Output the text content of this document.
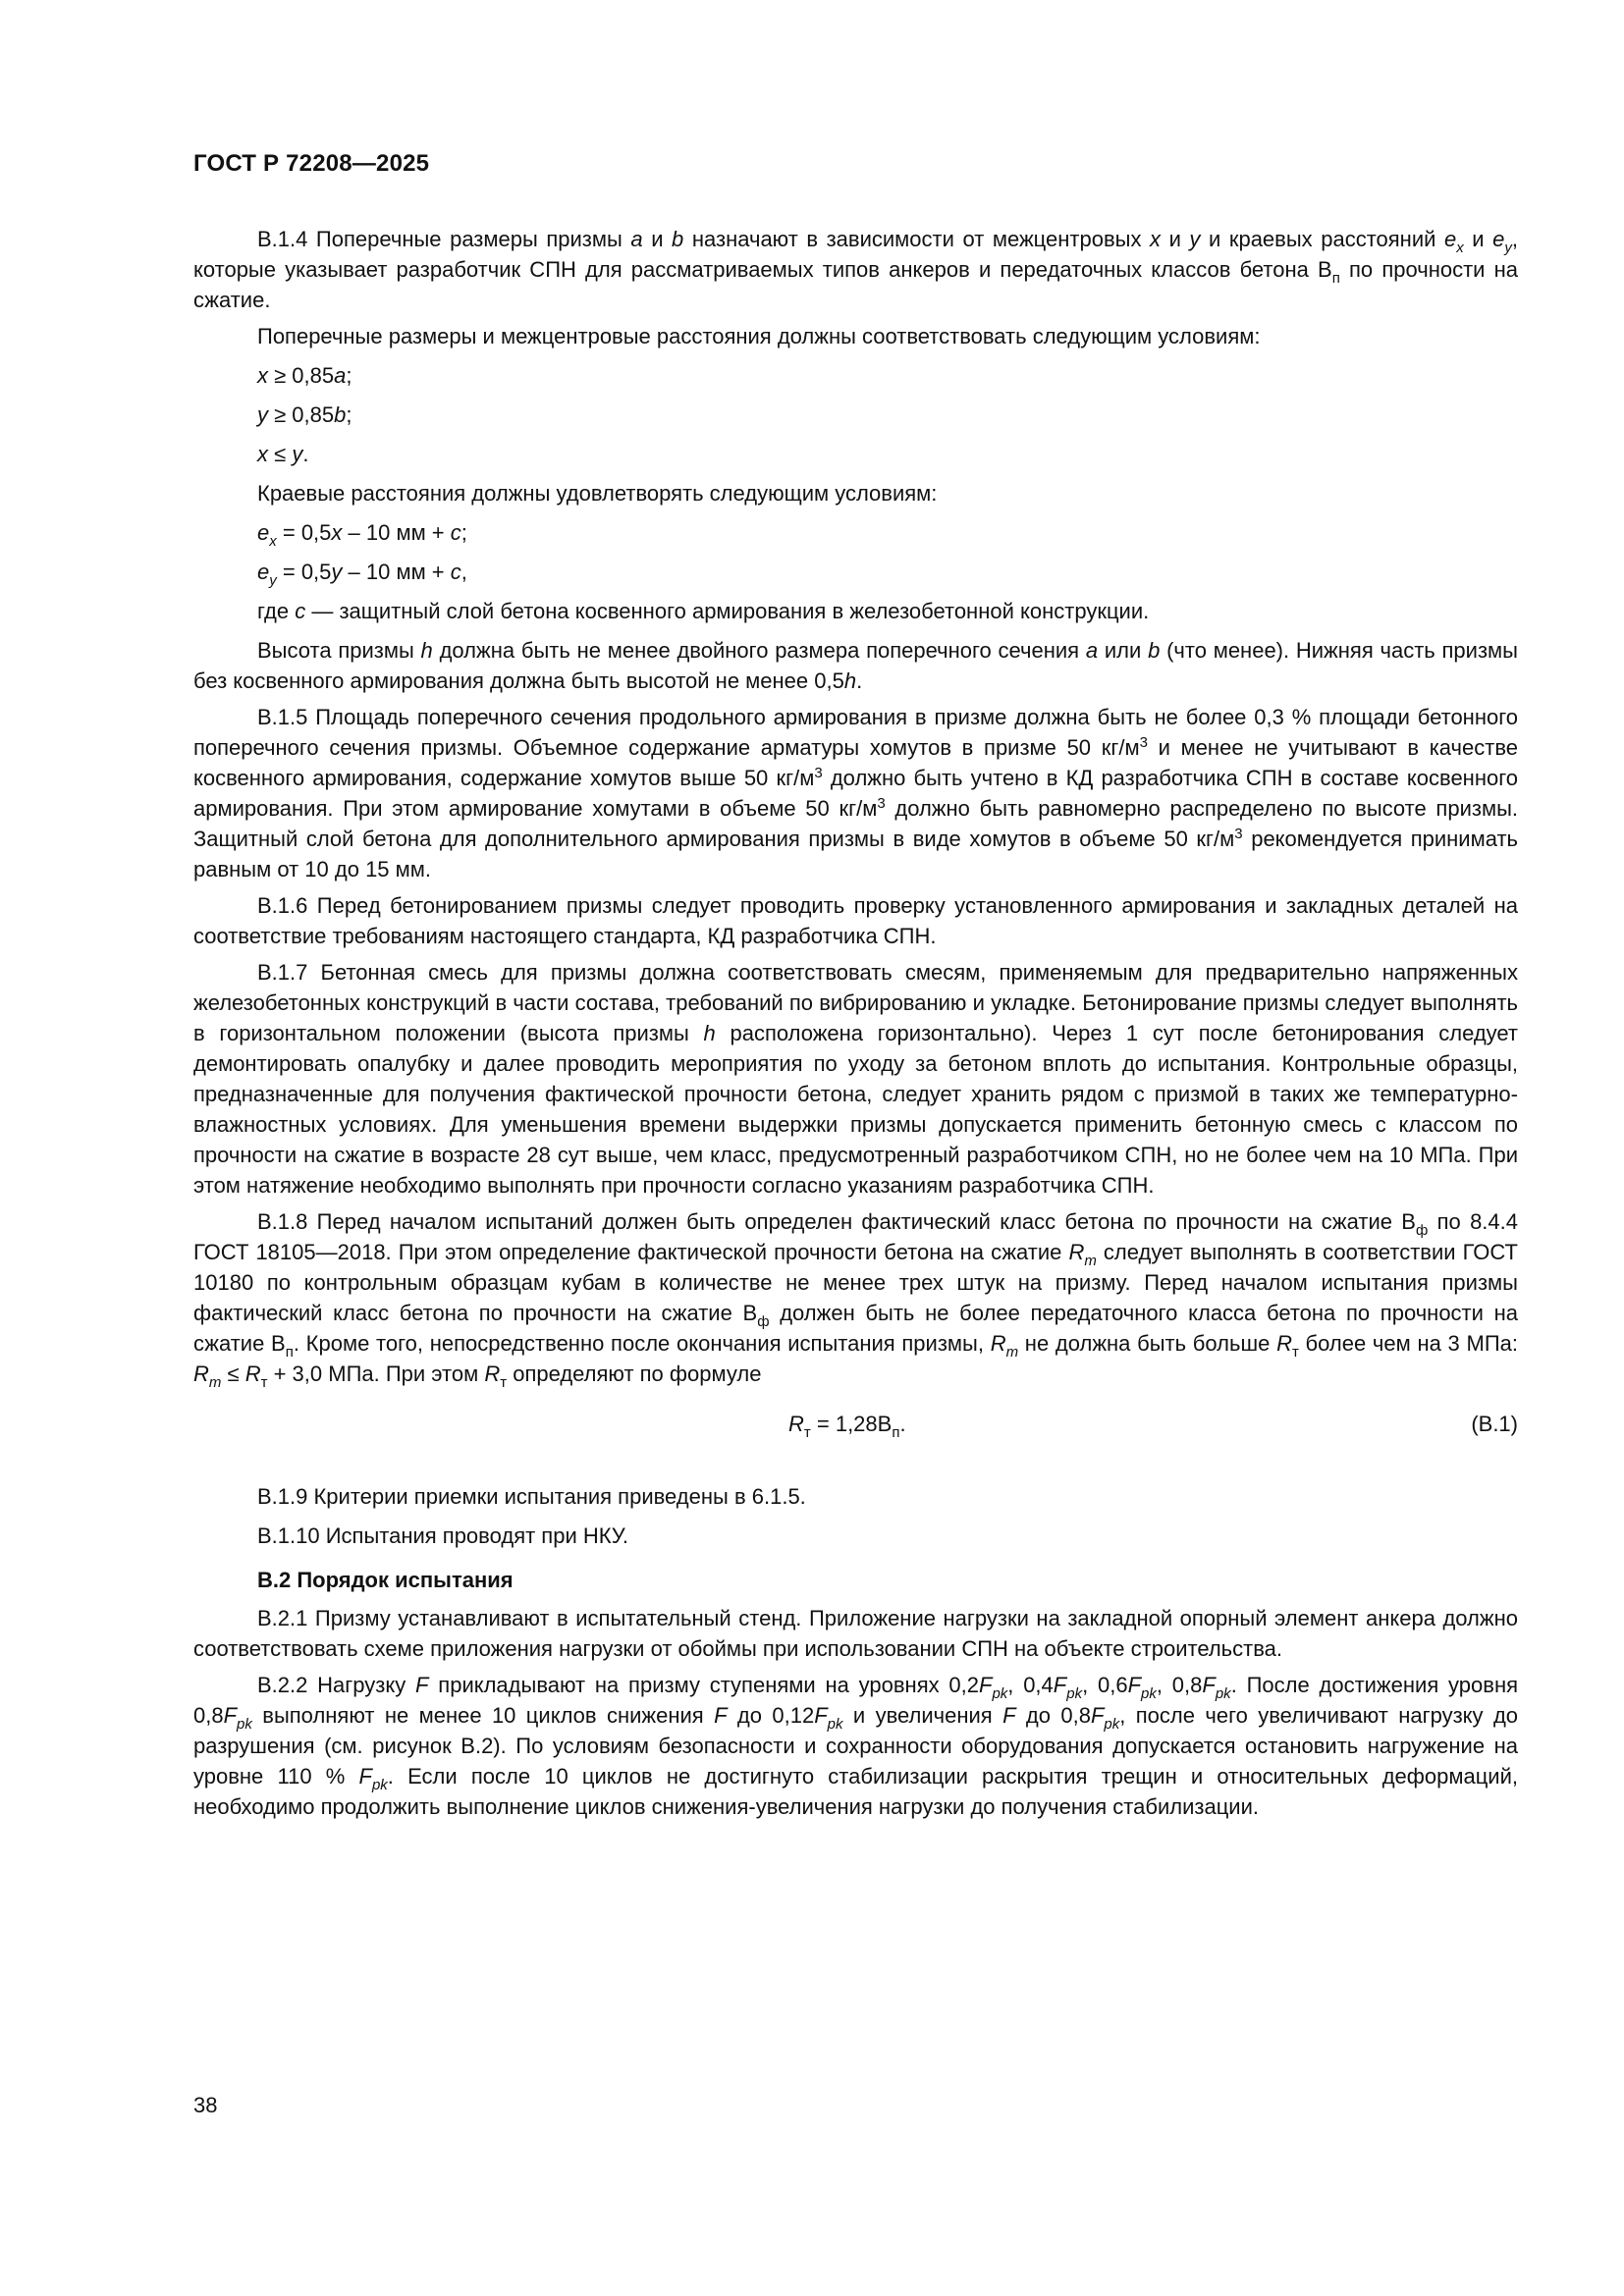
ГОСТ Р 72208—2025
B.1.4 Поперечные размеры призмы a и b назначают в зависимости от межцентровых x и y и краевых расстояний $e_x$ и $e_y$, которые указывает разработчик СПН для рассматриваемых типов анкеров и передаточных классов бетона $В_п$ по прочности на сжатие.
Поперечные размеры и межцентровые расстояния должны соответствовать следующим условиям:
x ≥ 0,85a;
y ≥ 0,85b;
x ≤ y.
Краевые расстояния должны удовлетворять следующим условиям:
$e_x = 0,5x - 10$ мм + c;
$e_y = 0,5y - 10$ мм + c,
где c — защитный слой бетона косвенного армирования в железобетонной конструкции.
Высота призмы h должна быть не менее двойного размера поперечного сечения a или b (что менее). Нижняя часть призмы без косвенного армирования должна быть высотой не менее 0,5h.
B.1.5 Площадь поперечного сечения продольного армирования в призме должна быть не более 0,3 % площади бетонного поперечного сечения призмы. Объемное содержание арматуры хомутов в призме 50 $кг/м^3$ и менее не учитывают в качестве косвенного армирования, содержание хомутов выше 50 $кг/м^3$ должно быть учтено в КД разработчика СПН в составе косвенного армирования. При этом армирование хомутами в объеме 50 $кг/м^3$ должно быть равномерно распределено по высоте призмы. Защитный слой бетона для дополнительного армирования призмы в виде хомутов в объеме 50 $кг/м^3$ рекомендуется принимать равным от 10 до 15 мм.
B.1.6 Перед бетонированием призмы следует проводить проверку установленного армирования и закладных деталей на соответствие требованиям настоящего стандарта, КД разработчика СПН.
B.1.7 Бетонная смесь для призмы должна соответствовать смесям, применяемым для предварительно напряженных железобетонных конструкций в части состава, требований по вибрированию и укладке. Бетонирование призмы следует выполнять в горизонтальном положении (высота призмы h расположена горизонтально). Через 1 сут после бетонирования следует демонтировать опалубку и далее проводить мероприятия по уходу за бетоном вплоть до испытания. Контрольные образцы, предназначенные для получения фактической прочности бетона, следует хранить рядом с призмой в таких же температурно-влажностных условиях. Для уменьшения времени выдержки призмы допускается применить бетонную смесь с классом по прочности на сжатие в возрасте 28 сут выше, чем класс, предусмотренный разработчиком СПН, но не более чем на 10 МПа. При этом натяжение необходимо выполнять при прочности согласно указаниям разработчика СПН.
B.1.8 Перед началом испытаний должен быть определен фактический класс бетона по прочности на сжатие $В_ф$ по 8.4.4 ГОСТ 18105—2018. При этом определение фактической прочности бетона на сжатие $R_m$ следует выполнять в соответствии ГОСТ 10180 по контрольным образцам кубам в количестве не менее трех штук на призму. Перед началом испытания призмы фактический класс бетона по прочности на сжатие $В_ф$ должен быть не более передаточного класса бетона по прочности на сжатие $В_п$. Кроме того, непосредственно после окончания испытания призмы, $R_m$ не должна быть больше $R_т$ более чем на 3 МПа: $R_m \le R_т + 3,0$ МПа. При этом $R_т$ определяют по формуле
$R_т = 1,28В_п$.	(В.1)
B.1.9 Критерии приемки испытания приведены в 6.1.5.
B.1.10 Испытания проводят при НКУ.
B.2 Порядок испытания
B.2.1 Призму устанавливают в испытательный стенд. Приложение нагрузки на закладной опорный элемент анкера должно соответствовать схеме приложения нагрузки от обоймы при использовании СПН на объекте строительства.
B.2.2 Нагрузку F прикладывают на призму ступенями на уровнях $0,2F_{pk}$, $0,4F_{pk}$, $0,6F_{pk}$, $0,8F_{pk}$. После достижения уровня $0,8F_{pk}$ выполняют не менее 10 циклов снижения F до $0,12F_{pk}$ и увеличения F до $0,8F_{pk}$, после чего увеличивают нагрузку до разрушения (см. рисунок В.2). По условиям безопасности и сохранности оборудования допускается остановить нагружение на уровне 110 % $F_{pk}$. Если после 10 циклов не достигнуто стабилизации раскрытия трещин и относительных деформаций, необходимо продолжить выполнение циклов снижения-увеличения нагрузки до получения стабилизации.
38
